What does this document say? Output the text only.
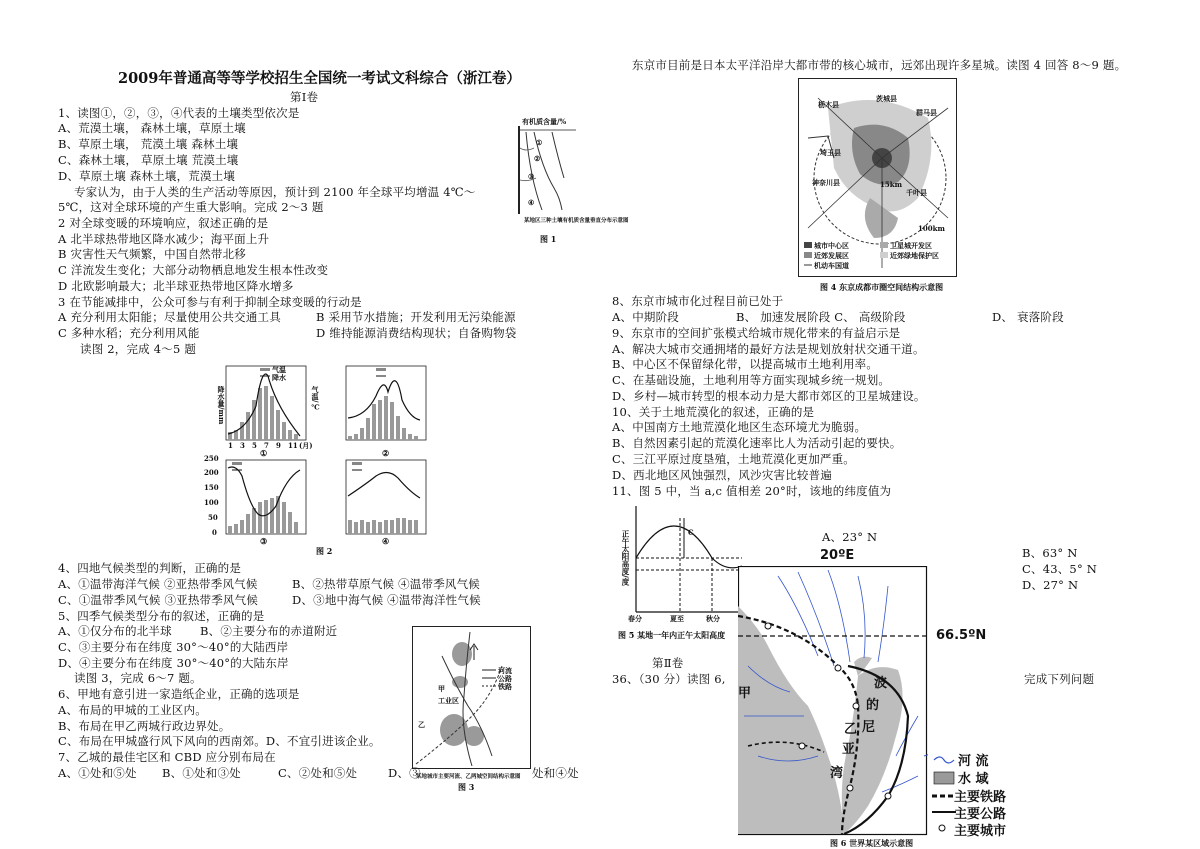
2009年普通高等等学校招生全国统一考试文科综合（浙江卷）
第Ⅰ卷
1、读图①，②，③，④代表的土壤类型依次是
A、荒漠土壤， 森林土壤，草原土壤
B、草原土壤， 荒漠土壤 森林土壤
C、森林土壤， 草原土壤 荒漠土壤
D、草原土壤 森林土壤，荒漠土壤
专家认为，由于人类的生产活动等原因，预计到 2100 年全球平均增温 4℃～
5℃，这对全球环境的产生重大影响。完成 2～3 题
2 对全球变暖的环境响应，叙述正确的是
A 北半球热带地区降水减少；海平面上升
B 灾害性天气频繁，中国自然带北移
C 洋流发生变化；大部分动物栖息地发生根本性改变
D 北欧影响最大；北半球亚热带地区降水增多
3 在节能减排中，公众可参与有利于抑制全球变暖的行动是
A 充分利用太阳能；尽量使用公共交通工具	B 采用节水措施；开发利用无污染能源
C 多种水稻；充分利用风能	D 维持能源消费结构现状；自备购物袋
读图 2，完成 4～5 题
4、四地气候类型的判断，正确的是
A、①温带海洋气候 ②亚热带季风气候	B、②热带草原气候 ④温带季风气候
C、①温带季风气候 ③亚热带季风气候	D、③地中海气候 ④温带海洋性气候
5、四季气候类型分布的叙述，正确的是
A、①仅分布的北半球 B、②主要分布的赤道附近
C、③主要分布在纬度 30°～40°的大陆西岸
D、④主要分布在纬度 30°～40°的大陆东岸
读图 3，完成 6～7 题。
6、甲地有意引进一家造纸企业，正确的选项是
A、布局的甲城的工业区内。
B、布局在甲乙两城行政边界处。
C、布局在甲城盛行风下风向的西南郊。D、不宜引进该企业。
7、乙城的最佳宅区和 CBD 应分别布局在
A、①处和⑤处 B、①处和③处	C、②处和⑤处	D、③	处和④处
东京市目前是日本太平洋沿岸大都市带的核心城市，远郊出现许多星城。读图 4 回答 8～9 题。
8、东京市城市化过程目前已处于
A、中期阶段	B、 加速发展阶段 C、 高级阶段	D、 衰落阶段
9、东京市的空间扩张模式给城市规化带来的有益启示是
A、解决大城市交通拥堵的最好方法是规划放射状交通干道。
B、中心区不保留绿化带，以提高城市土地利用率。
C、在基础设施，土地利用等方面实现城乡统一规划。
D、乡村—城市转型的根本动力是大都市郊区的卫星城建设。
10、关于土地荒漠化的叙述，正确的是
A、中国南方土地荒漠化地区生态环境尤为脆弱。
B、自然因素引起的荒漠化速率比人为活动引起的要快。
C、三江平原过度垦殖，土地荒漠化更加严重。
D、西北地区风蚀强烈，风沙灾害比较普遍
11、图 5 中，当 a,c 值相差 20°时，该地的纬度值为
A、23° N
B、63° N
C、43、5° N
D、27° N
第Ⅱ卷
36、（30 分）读图 6,	完成下列问题
有机质含量/%
①
②
③
④
某地区三种土壤有机质含量垂直分布示意图
图 1
气温
降水
降水量/mm	气温/℃
250
200
150
100
50
0
1 3 5 7 9 11 (月)
①	②
③	④
图 2
甲
工业区
乙
河流
公路
铁路
某地城市主要河流、乙两城空间结构示意图
图 3
栃木县
茨城县
群马县
埼玉县
神奈川县
千叶县
15km
100km
城市中心区	卫星城开发区
近郊发展区	近郊绿地保护区
机动车国道
图 4 东京成都市圈空间结构示意图
正午太阳高度/度	C
春分	夏至	秋分
图 5 某地一年内正午太阳高度
20ºE
66.5ºN
甲
乙
波
的
尼
亚
湾
图 6 世界某区域示意图
河 流
水 域
主要铁路
主要公路
主要城市
